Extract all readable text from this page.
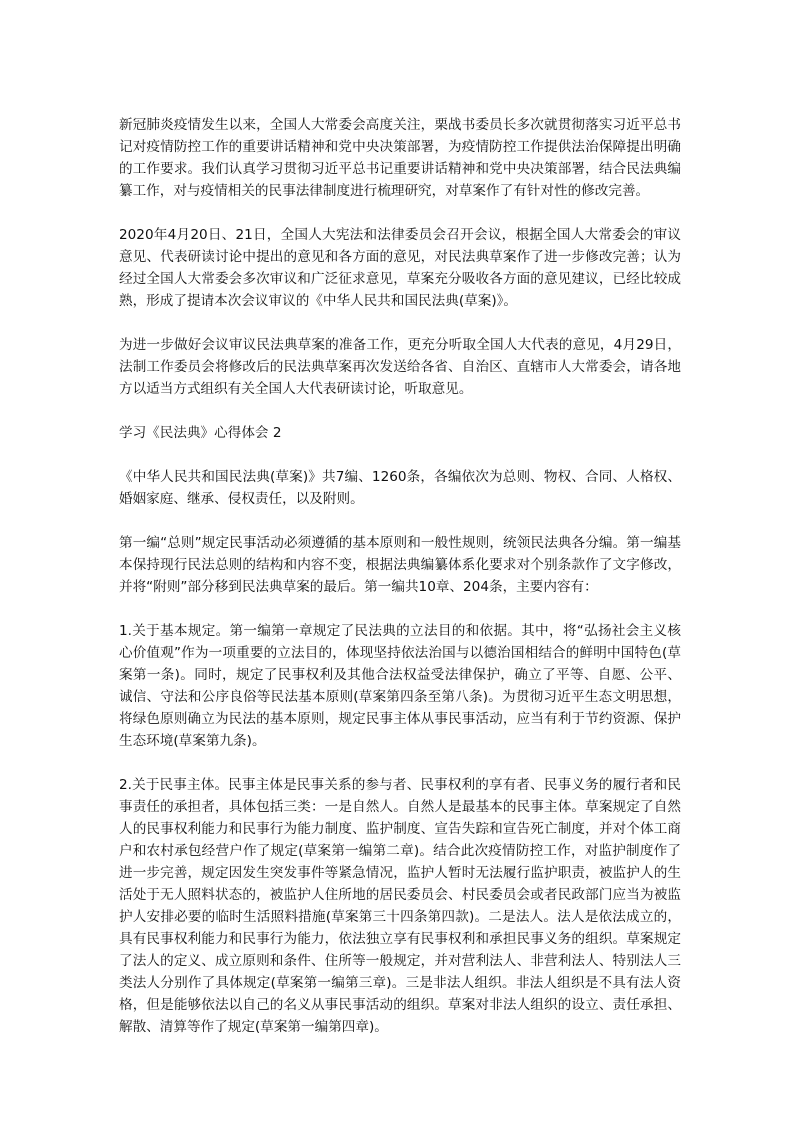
新冠肺炎疫情发生以来，全国人大常委会高度关注，栗战书委员长多次就贯彻落实习近平总书记对疫情防控工作的重要讲话精神和党中央决策部署，为疫情防控工作提供法治保障提出明确的工作要求。我们认真学习贯彻习近平总书记重要讲话精神和党中央决策部署，结合民法典编纂工作，对与疫情相关的民事法律制度进行梳理研究，对草案作了有针对性的修改完善。

2020年4月20日、21日，全国人大宪法和法律委员会召开会议，根据全国人大常委会的审议意见、代表研读讨论中提出的意见和各方面的意见，对民法典草案作了进一步修改完善；认为经过全国人大常委会多次审议和广泛征求意见，草案充分吸收各方面的意见建议，已经比较成熟，形成了提请本次会议审议的《中华人民共和国民法典(草案)》。

为进一步做好会议审议民法典草案的准备工作，更充分听取全国人大代表的意见，4月29日，法制工作委员会将修改后的民法典草案再次发送给各省、自治区、直辖市人大常委会，请各地方以适当方式组织有关全国人大代表研读讨论，听取意见。

学习《民法典》心得体会 2

《中华人民共和国民法典(草案)》共7编、1260条，各编依次为总则、物权、合同、人格权、婚姻家庭、继承、侵权责任，以及附则。

第一编“总则”规定民事活动必须遵循的基本原则和一般性规则，统领民法典各分编。第一编基本保持现行民法总则的结构和内容不变，根据法典编纂体系化要求对个别条款作了文字修改，并将“附则”部分移到民法典草案的最后。第一编共10章、204条，主要内容有：

1.关于基本规定。第一编第一章规定了民法典的立法目的和依据。其中，将“弘扬社会主义核心价值观”作为一项重要的立法目的，体现坚持依法治国与以德治国相结合的鲜明中国特色(草案第一条)。同时，规定了民事权利及其他合法权益受法律保护，确立了平等、自愿、公平、诚信、守法和公序良俗等民法基本原则(草案第四条至第八条)。为贯彻习近平生态文明思想，将绿色原则确立为民法的基本原则，规定民事主体从事民事活动，应当有利于节约资源、保护生态环境(草案第九条)。

2.关于民事主体。民事主体是民事关系的参与者、民事权利的享有者、民事义务的履行者和民事责任的承担者，具体包括三类：一是自然人。自然人是最基本的民事主体。草案规定了自然人的民事权利能力和民事行为能力制度、监护制度、宣告失踪和宣告死亡制度，并对个体工商户和农村承包经营户作了规定(草案第一编第二章)。结合此次疫情防控工作，对监护制度作了进一步完善，规定因发生突发事件等紧急情况，监护人暂时无法履行监护职责，被监护人的生活处于无人照料状态的，被监护人住所地的居民委员会、村民委员会或者民政部门应当为被监护人安排必要的临时生活照料措施(草案第三十四条第四款)。二是法人。法人是依法成立的，具有民事权利能力和民事行为能力，依法独立享有民事权利和承担民事义务的组织。草案规定了法人的定义、成立原则和条件、住所等一般规定，并对营利法人、非营利法人、特别法人三类法人分别作了具体规定(草案第一编第三章)。三是非法人组织。非法人组织是不具有法人资格，但是能够依法以自己的名义从事民事活动的组织。草案对非法人组织的设立、责任承担、解散、清算等作了规定(草案第一编第四章)。
